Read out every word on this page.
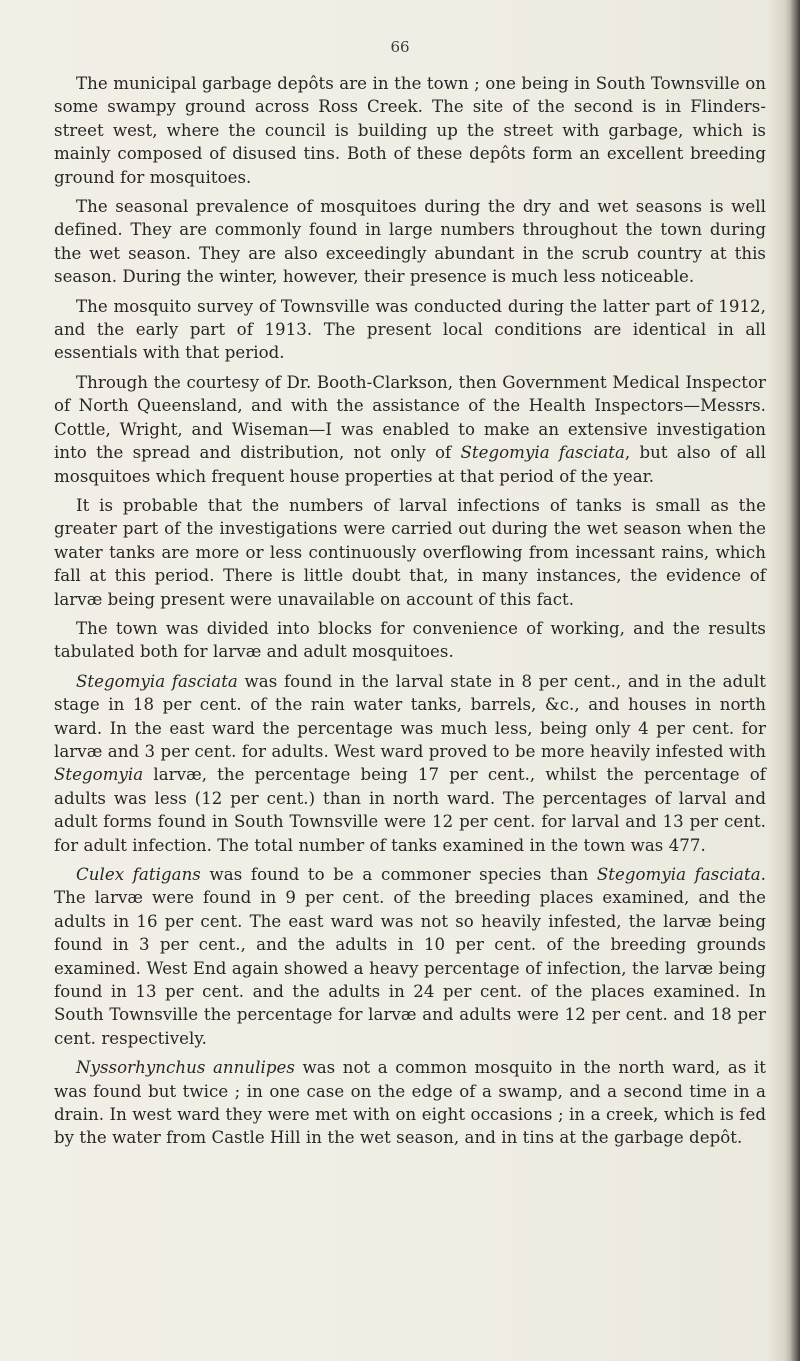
66

The municipal garbage depôts are in the town ; one being in South Townsville on some swampy ground across Ross Creek. The site of the second is in Flinders-street west, where the council is building up the street with garbage, which is mainly composed of disused tins. Both of these depôts form an excellent breeding ground for mosquitoes.

The seasonal prevalence of mosquitoes during the dry and wet seasons is well defined. They are commonly found in large numbers throughout the town during the wet season. They are also exceedingly abundant in the scrub country at this season. During the winter, however, their presence is much less noticeable.

The mosquito survey of Townsville was conducted during the latter part of 1912, and the early part of 1913. The present local conditions are identical in all essentials with that period.

Through the courtesy of Dr. Booth-Clarkson, then Government Medical Inspector of North Queensland, and with the assistance of the Health Inspectors—Messrs. Cottle, Wright, and Wiseman—I was enabled to make an extensive investigation into the spread and distribution, not only of Stegomyia fasciata, but also of all mosquitoes which frequent house properties at that period of the year.

It is probable that the numbers of larval infections of tanks is small as the greater part of the investigations were carried out during the wet season when the water tanks are more or less continuously overflowing from incessant rains, which fall at this period. There is little doubt that, in many instances, the evidence of larvæ being present were unavailable on account of this fact.

The town was divided into blocks for convenience of working, and the results tabulated both for larvæ and adult mosquitoes.

Stegomyia fasciata was found in the larval state in 8 per cent., and in the adult stage in 18 per cent. of the rain water tanks, barrels, &c., and houses in north ward. In the east ward the percentage was much less, being only 4 per cent. for larvæ and 3 per cent. for adults. West ward proved to be more heavily infested with Stegomyia larvæ, the percentage being 17 per cent., whilst the percentage of adults was less (12 per cent.) than in north ward. The percentages of larval and adult forms found in South Townsville were 12 per cent. for larval and 13 per cent. for adult infection. The total number of tanks examined in the town was 477.

Culex fatigans was found to be a commoner species than Stegomyia fasciata. The larvæ were found in 9 per cent. of the breeding places examined, and the adults in 16 per cent. The east ward was not so heavily infested, the larvæ being found in 3 per cent., and the adults in 10 per cent. of the breeding grounds examined. West End again showed a heavy percentage of infection, the larvæ being found in 13 per cent. and the adults in 24 per cent. of the places examined. In South Townsville the percentage for larvæ and adults were 12 per cent. and 18 per cent. respectively.

Nyssorhynchus annulipes was not a common mosquito in the north ward, as it was found but twice ; in one case on the edge of a swamp, and a second time in a drain. In west ward they were met with on eight occasions ; in a creek, which is fed by the water from Castle Hill in the wet season, and in tins at the garbage depôt.
